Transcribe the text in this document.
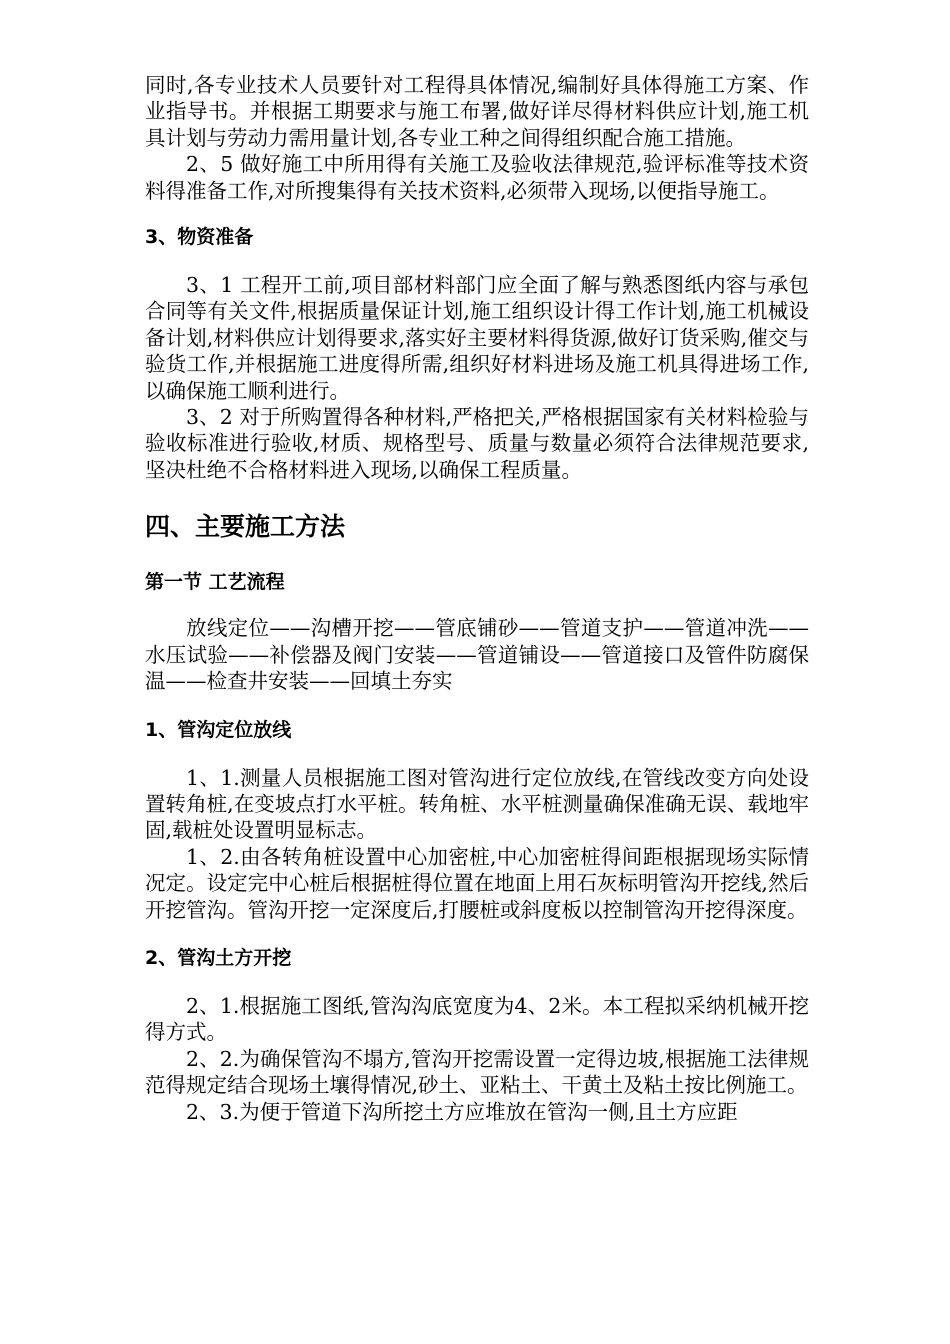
同时,各专业技术人员要针对工程得具体情况,编制好具体得施工方案、作业指导书。并根据工期要求与施工布署,做好详尽得材料供应计划,施工机具计划与劳动力需用量计划,各专业工种之间得组织配合施工措施。

2、5 做好施工中所用得有关施工及验收法律规范,验评标准等技术资料得准备工作,对所搜集得有关技术资料,必须带入现场,以便指导施工。

3、物资准备

3、1 工程开工前,项目部材料部门应全面了解与熟悉图纸内容与承包合同等有关文件,根据质量保证计划,施工组织设计得工作计划,施工机械设备计划,材料供应计划得要求,落实好主要材料得货源,做好订货采购,催交与验货工作,并根据施工进度得所需,组织好材料进场及施工机具得进场工作,以确保施工顺利进行。

3、2 对于所购置得各种材料,严格把关,严格根据国家有关材料检验与验收标准进行验收,材质、规格型号、质量与数量必须符合法律规范要求,坚决杜绝不合格材料进入现场,以确保工程质量。

四、主要施工方法
第一节 工艺流程

放线定位——沟槽开挖——管底铺砂——管道支护——管道冲洗——水压试验——补偿器及阀门安装——管道铺设——管道接口及管件防腐保温——检查井安装——回填土夯实

1、管沟定位放线

1、1.测量人员根据施工图对管沟进行定位放线,在管线改变方向处设置转角桩,在变坡点打水平桩。转角桩、水平桩测量确保准确无误、载地牢固,载桩处设置明显标志。

1、2.由各转角桩设置中心加密桩,中心加密桩得间距根据现场实际情况定。设定完中心桩后根据桩得位置在地面上用石灰标明管沟开挖线,然后开挖管沟。管沟开挖一定深度后,打腰桩或斜度板以控制管沟开挖得深度。

2、管沟土方开挖

2、1.根据施工图纸,管沟沟底宽度为4、2米。本工程拟采纳机械开挖得方式。

2、2.为确保管沟不塌方,管沟开挖需设置一定得边坡,根据施工法律规范得规定结合现场土壤得情况,砂土、亚粘土、干黄土及粘土按比例施工。

2、3.为便于管道下沟所挖土方应堆放在管沟一侧,且土方应距
